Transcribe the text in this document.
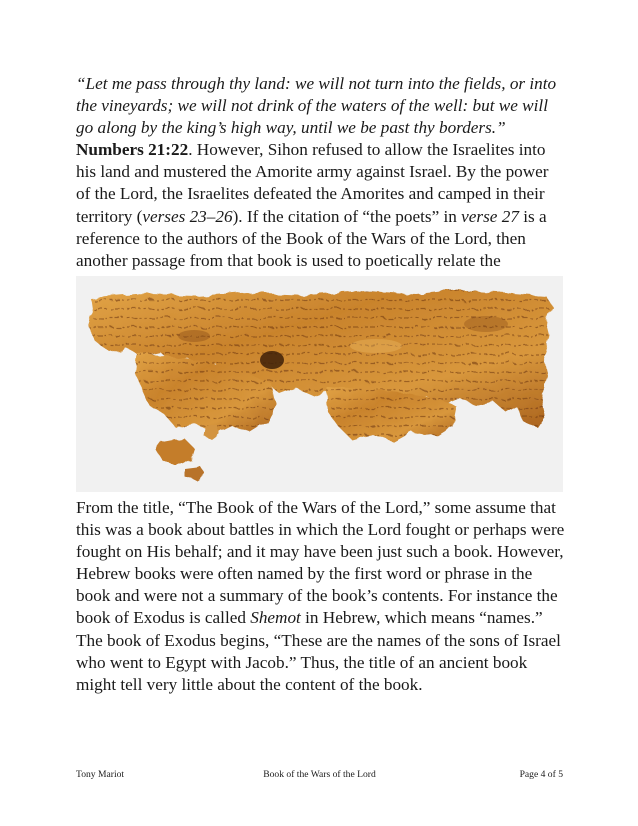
“Let me pass through thy land: we will not turn into the fields, or into the vineyards; we will not drink of the waters of the well: but we will go along by the king’s high way, until we be past thy borders.” Numbers 21:22. However, Sihon refused to allow the Israelites into his land and mustered the Amorite army against Israel. By the power of the Lord, the Israelites defeated the Amorites and camped in their territory (verses 23–26). If the citation of “the poets” in verse 27 is a reference to the authors of the Book of the Wars of the Lord, then another passage from that book is used to poetically relate the

From the title, “The Book of the Wars of the Lord,” some assume that this was a book about battles in which the Lord fought or perhaps were fought on His behalf; and it may have been just such a book. However, Hebrew books were often named by the first word or phrase in the book and were not a summary of the book’s contents. For instance the book of Exodus is called Shemot in Hebrew, which means “names.” The book of Exodus begins, “These are the names of the sons of Israel who went to Egypt with Jacob.” Thus, the title of an ancient book might tell very little about the content of the book.

Tony Mariot	Book of the Wars of the Lord	Page 4 of 5
